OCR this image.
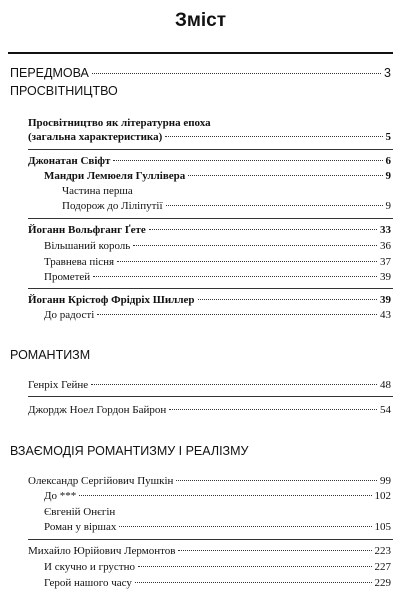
Зміст
ПЕРЕДМОВА	3
ПРОСВІТНИЦТВО
Просвітництво як літературна епоха
(загальна характеристика)	5
Джонатан Свіфт	6
Мандри Лемюеля Гуллівера	9
Частина перша
Подорож до Ліліпутії	9
Йоганн Вольфганг Ґете	33
Вільшаний король	36
Травнева пісня	37
Прометей	39
Йоганн Крістоф Фрідріх Шиллер	39
До радості	43
РОМАНТИЗМ
Генріх Гейне	48
Джордж Ноел Гордон Байрон	54
ВЗАЄМОДІЯ РОМАНТИЗМУ І РЕАЛІЗМУ
Олександр Сергійович Пушкін	99
До ***	102
Євгеній Онєгін
Роман у віршах	105
Михайло Юрійович Лермонтов	223
И скучно и грустно	227
Герой нашого часу	229
